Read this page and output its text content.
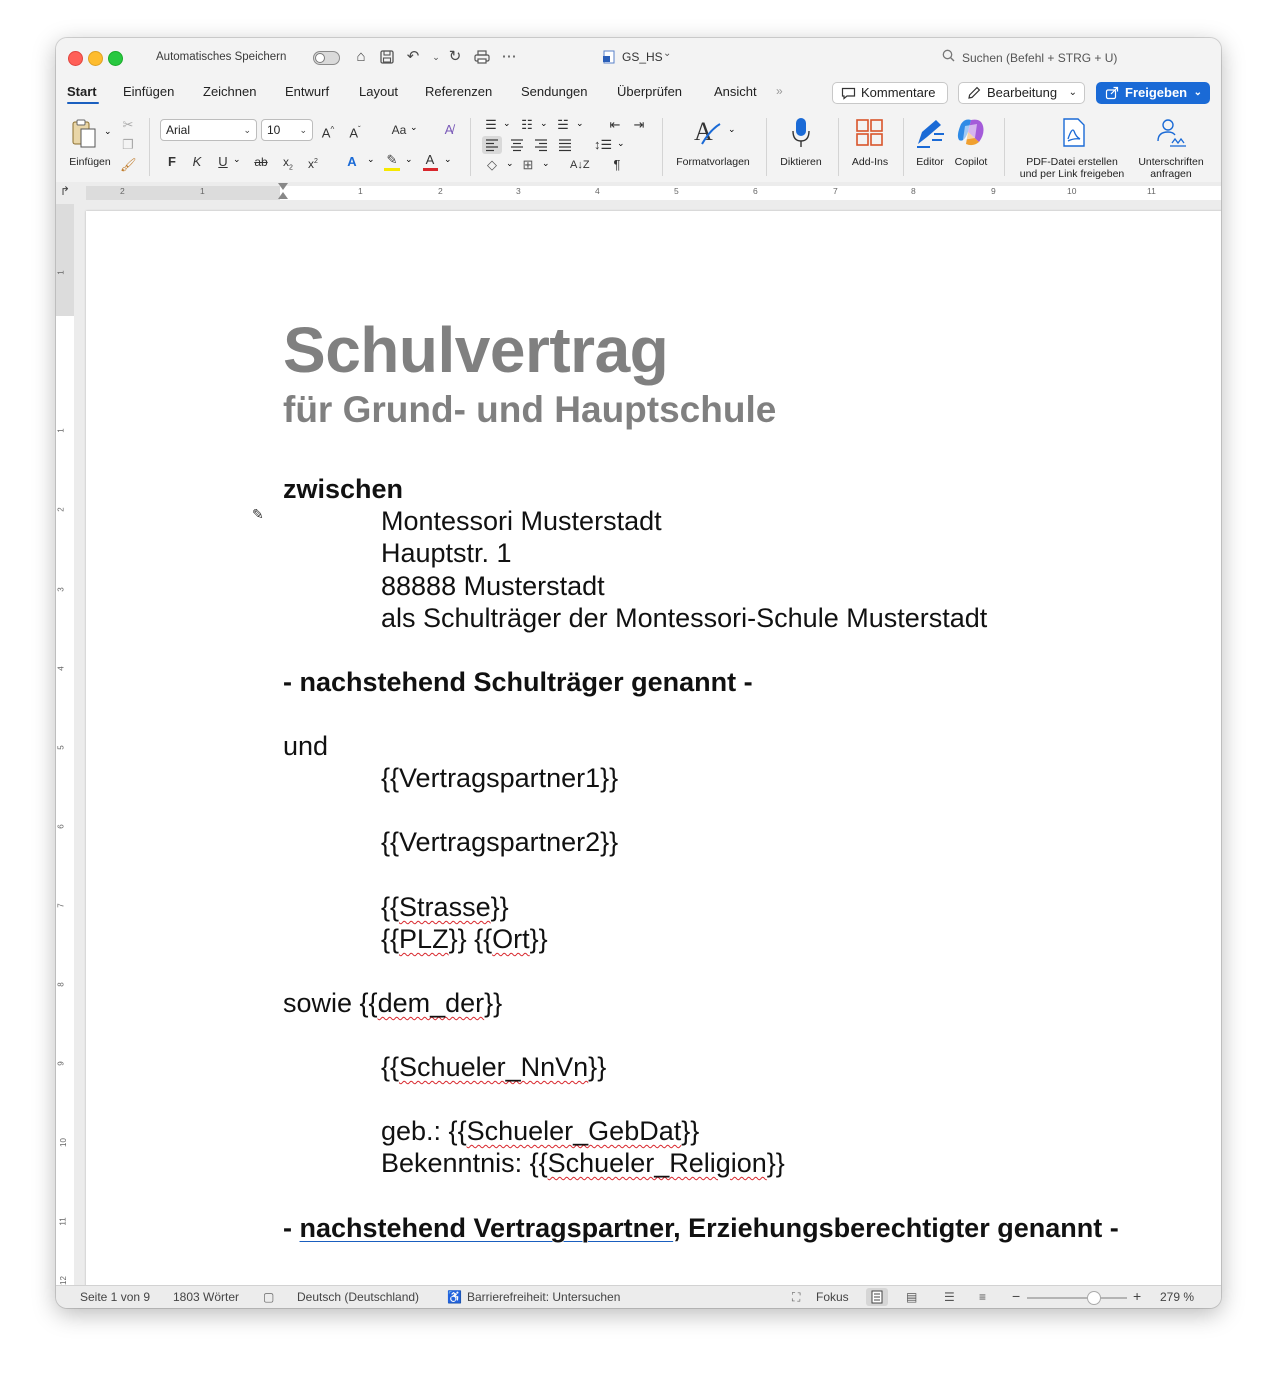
Automatisches Speichern	⌂	↶	⌄ ↻	⋯	GS_HS ⌄	Suchen (Befehl + STRG + U)
Start Einfügen Zeichnen Entwurf Layout Referenzen Sendungen Überprüfen Ansicht »	Kommentare	Bearbeitung ⌄	Freigeben ⌄
⌄
Einfügen
✂
❐
🖌
Arial	⌄	10 ⌄ A^ $A^ˇ$	Aa ⌄	A̸
F	K U ⌄ ab $x_2$ $x^2$ A	⌄ ✎ ⌄ A	⌄
☰ ⌄ ☷ ⌄ ☱ ⌄ ⇤ ⇥
↕☰ ⌄
◇	⌄ ⊞ ⌄ A↓Z	¶
A ⌄
Formatvorlagen	Diktieren	Add-Ins	Editor	Copilot	PDF-Datei erstellen
und per Link freigeben
Unterschriften
anfragen
↱	2	1	1	2	3	4	5	6	7	8	9	10	11
1
1
2
3
4
5
6
7
8
9
10
11
12
Schulvertrag
für Grund- und Hauptschule
zwischen
✎	Montessori Musterstadt
Hauptstr. 1
88888 Musterstadt
als Schulträger der Montessori-Schule Musterstadt
- nachstehend Schulträger genannt -
und
{{Vertragspartner1}}
{{Vertragspartner2}}
{{Strasse}}
{{PLZ}} {{Ort}}
sowie {{dem_der}}
{{Schueler_NnVn}}
geb.: {{Schueler_GebDat}}
Bekenntnis: {{Schueler_Religion}}
- nachstehend Vertragspartner, Erziehungsberechtigter genannt -
Seite 1 von 9 1803 Wörter ▢ Deutsch (Deutschland) ♿ Barrierefreiheit: Untersuchen	⛶ Fokus	▤ ☰ ≡ −	+ 279 %
